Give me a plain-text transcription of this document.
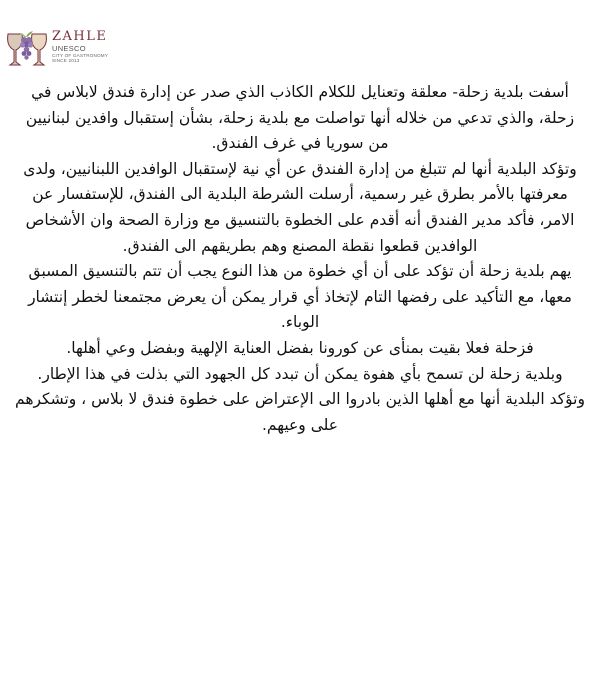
ZAHLE
UNESCO
CITY OF GASTRONOMY
SINCE 2013

أسفت بلدية زحلة- معلقة وتعنايل للكلام الكاذب الذي صدر عن إدارة فندق لابلاس في زحلة، والذي تدعي من خلاله أنها تواصلت مع بلدية زحلة، بشأن إستقبال وافدين لبنانيين من سوريا في غرف الفندق.

وتؤكد البلدية أنها لم تتبلغ من إدارة الفندق عن أي نية لإستقبال الوافدين اللبنانيين، ولدى معرفتها بالأمر بطرق غير رسمية، أرسلت الشرطة البلدية الى الفندق، للإستفسار عن الامر، فأكد مدير الفندق أنه أقدم على الخطوة بالتنسيق مع وزارة الصحة وان الأشخاص الوافدين قطعوا نقطة المصنع وهم بطريقهم الى الفندق.

يهم بلدية زحلة أن تؤكد على أن أي خطوة من هذا النوع يجب أن تتم بالتنسيق المسبق معها، مع التأكيد على رفضها التام لإتخاذ أي قرار يمكن أن يعرض مجتمعنا لخطر إنتشار الوباء.

فزحلة فعلا بقيت بمنأى عن كورونا بفضل العناية الإلهية وبفضل وعي أهلها.

وبلدية زحلة لن تسمح بأي هفوة يمكن أن تبدد كل الجهود التي بذلت في هذا الإطار.

وتؤكد البلدية أنها مع أهلها الذين بادروا الى الإعتراض على خطوة فندق لا بلاس ، وتشكرهم على وعيهم.
